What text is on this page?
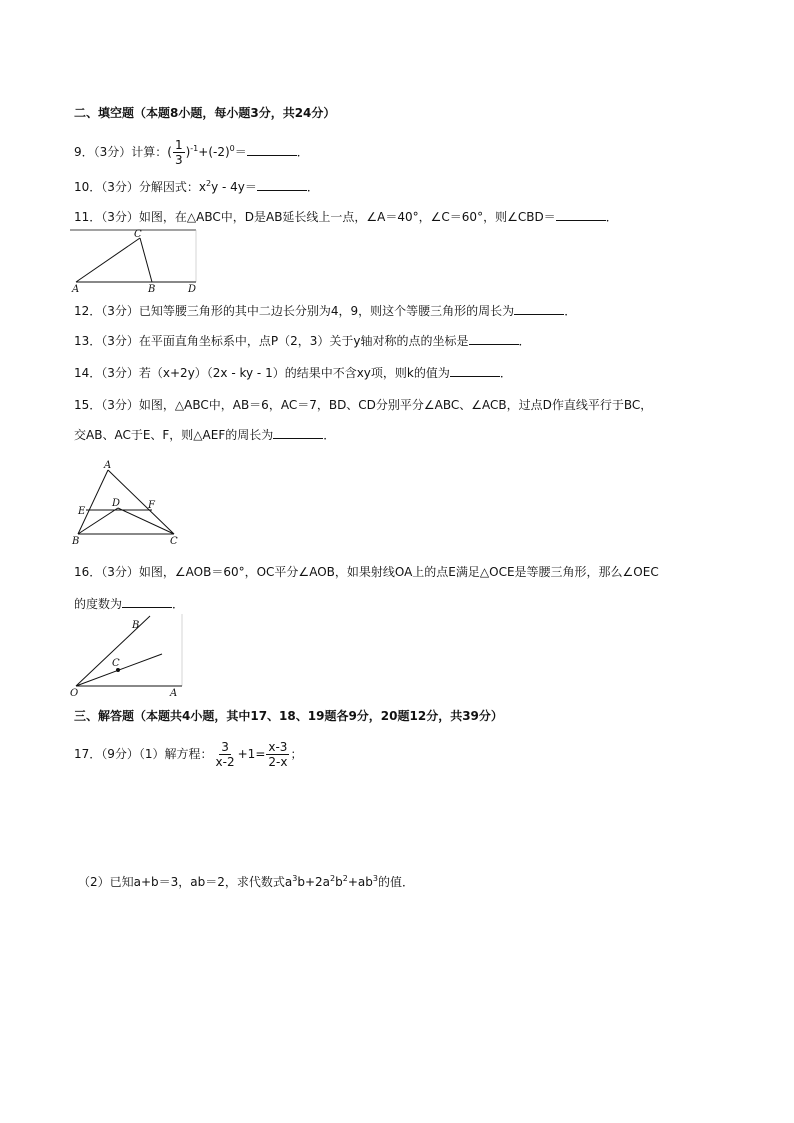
二、填空题（本题8小题，每小题3分，共24分）
9．（3分）计算：( $\frac{1}{3} )^{-1}+(-2)^0=$	．
10．（3分）分解因式：$x^2y - 4y=$	．
11．（3分）如图，在△ABC中，D是AB延长线上一点，∠A＝40°，∠C＝60°，则∠CBD＝	．
C
A	B	D
12．（3分）已知等腰三角形的其中二边长分别为4，9，则这个等腰三角形的周长为	．
13．（3分）在平面直角坐标系中，点P（2，3）关于y轴对称的点的坐标是	．
14．（3分）若（x+2y）（2x - ky - 1）的结果中不含xy项，则k的值为	．
15．（3分）如图，△ABC中，AB＝6，AC＝7，BD、CD分别平分∠ABC、∠ACB，过点D作直线平行于BC，
交AB、AC于E、F，则△AEF的周长为	．
A
D
E
F
B	C
16．（3分）如图，∠AOB＝60°，OC平分∠AOB，如果射线OA上的点E满足△OCE是等腰三角形，那么∠OEC
的度数为	．
B
C
O	A
三、解答题（本题共4小题，其中17、18、19题各9分，20题12分，共39分）
17．（9分）（1）解方程： $\frac{3}{x-2} +1= \frac{x-3}{2-x}$ ；
（2）已知a+b＝3，ab＝2，求代数式$a^3b+2a^2b^2+ab^3$的值．
